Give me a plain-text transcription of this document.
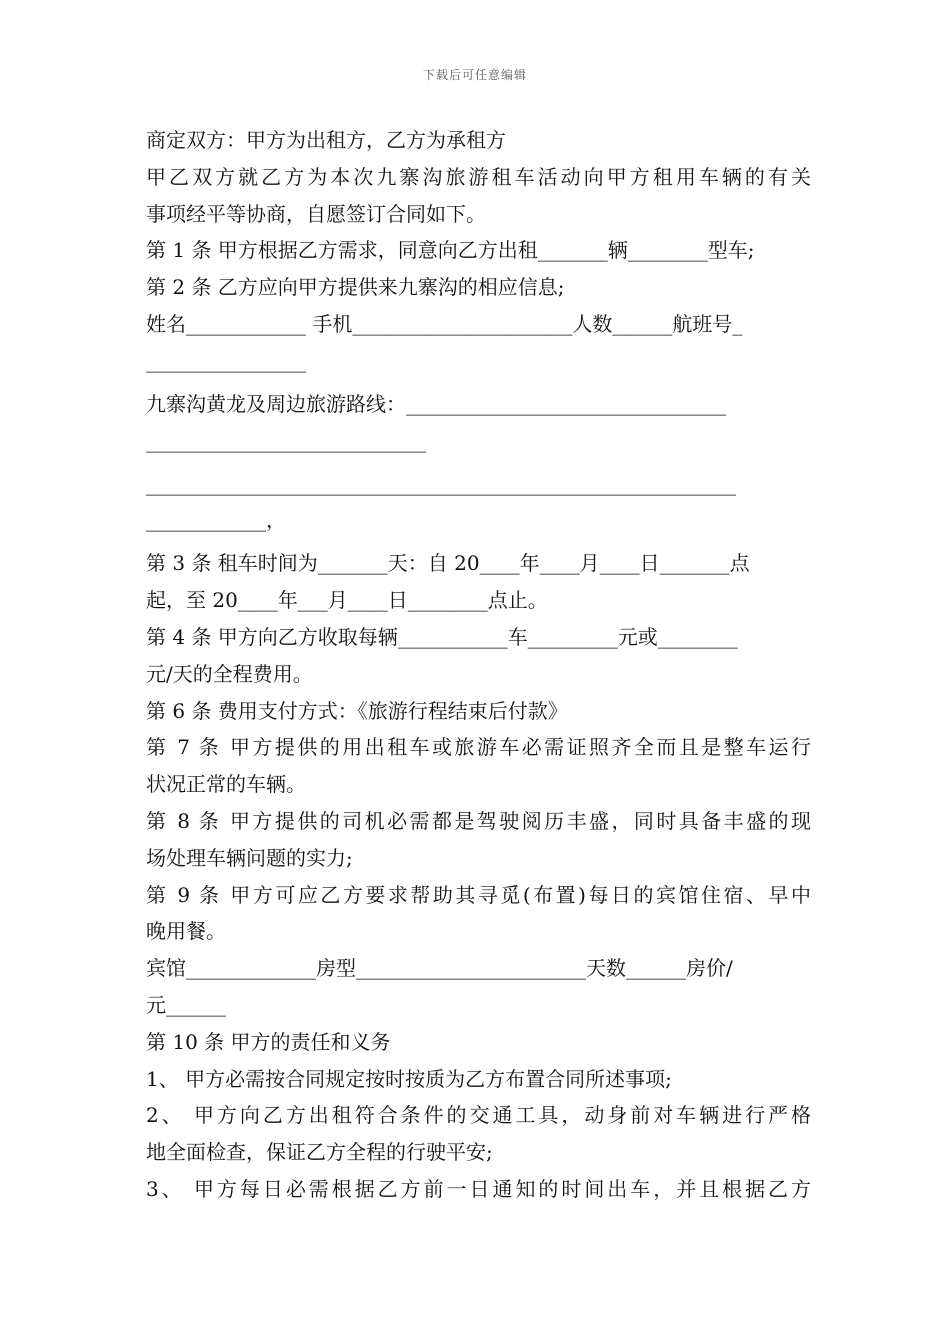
下载后可任意编辑
商定双方：甲方为出租方，乙方为承租方
甲乙双方就乙方为本次九寨沟旅游租车活动向甲方租用车辆的有关
事项经平等协商，自愿签订合同如下。
第 1 条 甲方根据乙方需求，同意向乙方出租_______辆________型车;
第 2 条 乙方应向甲方提供来九寨沟的相应信息;
姓名____________ 手机______________________人数______航班号_
________________
九寨沟黄龙及周边旅游路线：________________________________
____________________________
___________________________________________________________
____________，
第 3 条 租车时间为_______天：自 20____年____月____日_______点
起，至 20____年___月____日________点止。
第 4 条 甲方向乙方收取每辆___________车_________元或________
元/天的全程费用。
第 6 条 费用支付方式：《旅游行程结束后付款》
第 7 条 甲方提供的用出租车或旅游车必需证照齐全而且是整车运行
状况正常的车辆。
第 8 条 甲方提供的司机必需都是驾驶阅历丰盛，同时具备丰盛的现
场处理车辆问题的实力;
第 9 条 甲方可应乙方要求帮助其寻觅(布置)每日的宾馆住宿、早中
晚用餐。
宾馆_____________房型_______________________天数______房价/
元______
第 10 条 甲方的责任和义务
1、 甲方必需按合同规定按时按质为乙方布置合同所述事项;
2、 甲方向乙方出租符合条件的交通工具，动身前对车辆进行严格
地全面检查，保证乙方全程的行驶平安;
3、 甲方每日必需根据乙方前一日通知的时间出车，并且根据乙方
